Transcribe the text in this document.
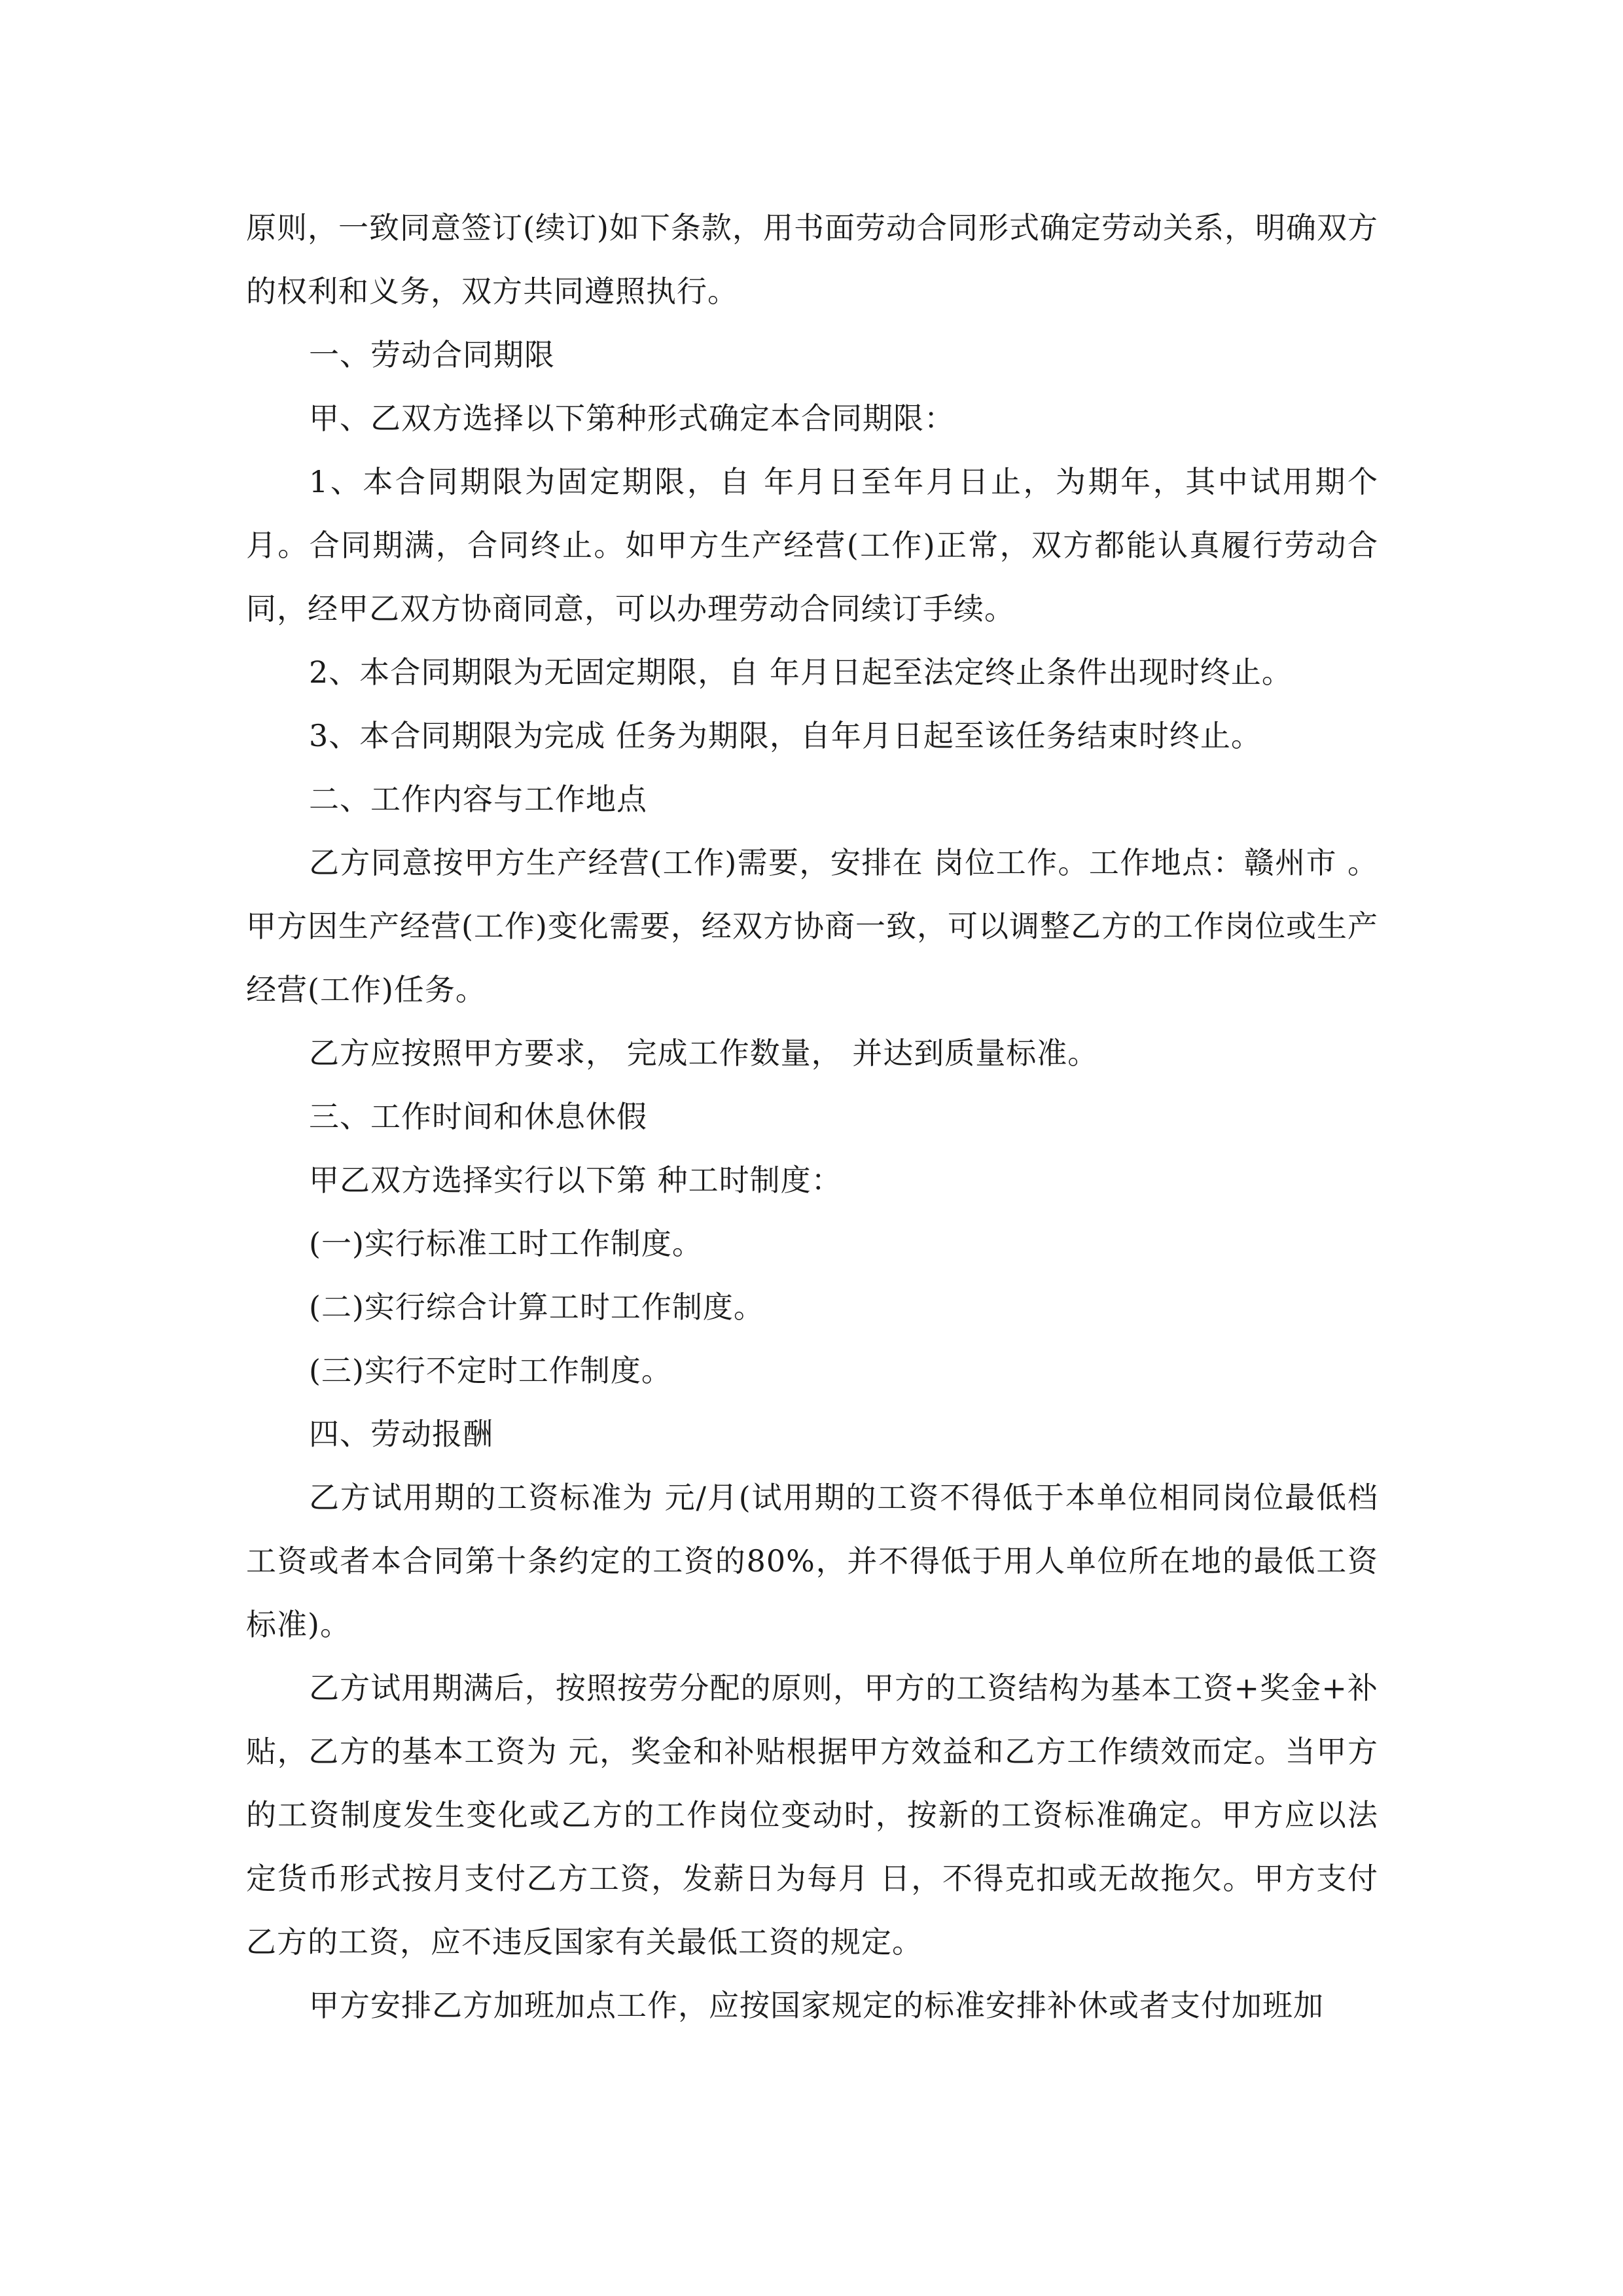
原则，一致同意签订(续订)如下条款，用书面劳动合同形式确定劳动关系，明确双方的权利和义务，双方共同遵照执行。

一、劳动合同期限

甲、乙双方选择以下第种形式确定本合同期限：

1、本合同期限为固定期限，自 年月日至年月日止，为期年，其中试用期个月。合同期满，合同终止。如甲方生产经营(工作)正常，双方都能认真履行劳动合同，经甲乙双方协商同意，可以办理劳动合同续订手续。

2、本合同期限为无固定期限，自 年月日起至法定终止条件出现时终止。

3、本合同期限为完成 任务为期限，自年月日起至该任务结束时终止。

二、工作内容与工作地点

乙方同意按甲方生产经营(工作)需要，安排在 岗位工作。工作地点：赣州市 。甲方因生产经营(工作)变化需要，经双方协商一致，可以调整乙方的工作岗位或生产经营(工作)任务。

乙方应按照甲方要求， 完成工作数量， 并达到质量标准。

三、工作时间和休息休假

甲乙双方选择实行以下第 种工时制度：

(一)实行标准工时工作制度。

(二)实行综合计算工时工作制度。

(三)实行不定时工作制度。

四、劳动报酬

乙方试用期的工资标准为 元/月(试用期的工资不得低于本单位相同岗位最低档工资或者本合同第十条约定的工资的80%，并不得低于用人单位所在地的最低工资标准)。

乙方试用期满后，按照按劳分配的原则，甲方的工资结构为基本工资+奖金+补贴，乙方的基本工资为 元，奖金和补贴根据甲方效益和乙方工作绩效而定。当甲方的工资制度发生变化或乙方的工作岗位变动时，按新的工资标准确定。甲方应以法定货币形式按月支付乙方工资，发薪日为每月 日，不得克扣或无故拖欠。甲方支付乙方的工资，应不违反国家有关最低工资的规定。

甲方安排乙方加班加点工作，应按国家规定的标准安排补休或者支付加班加
